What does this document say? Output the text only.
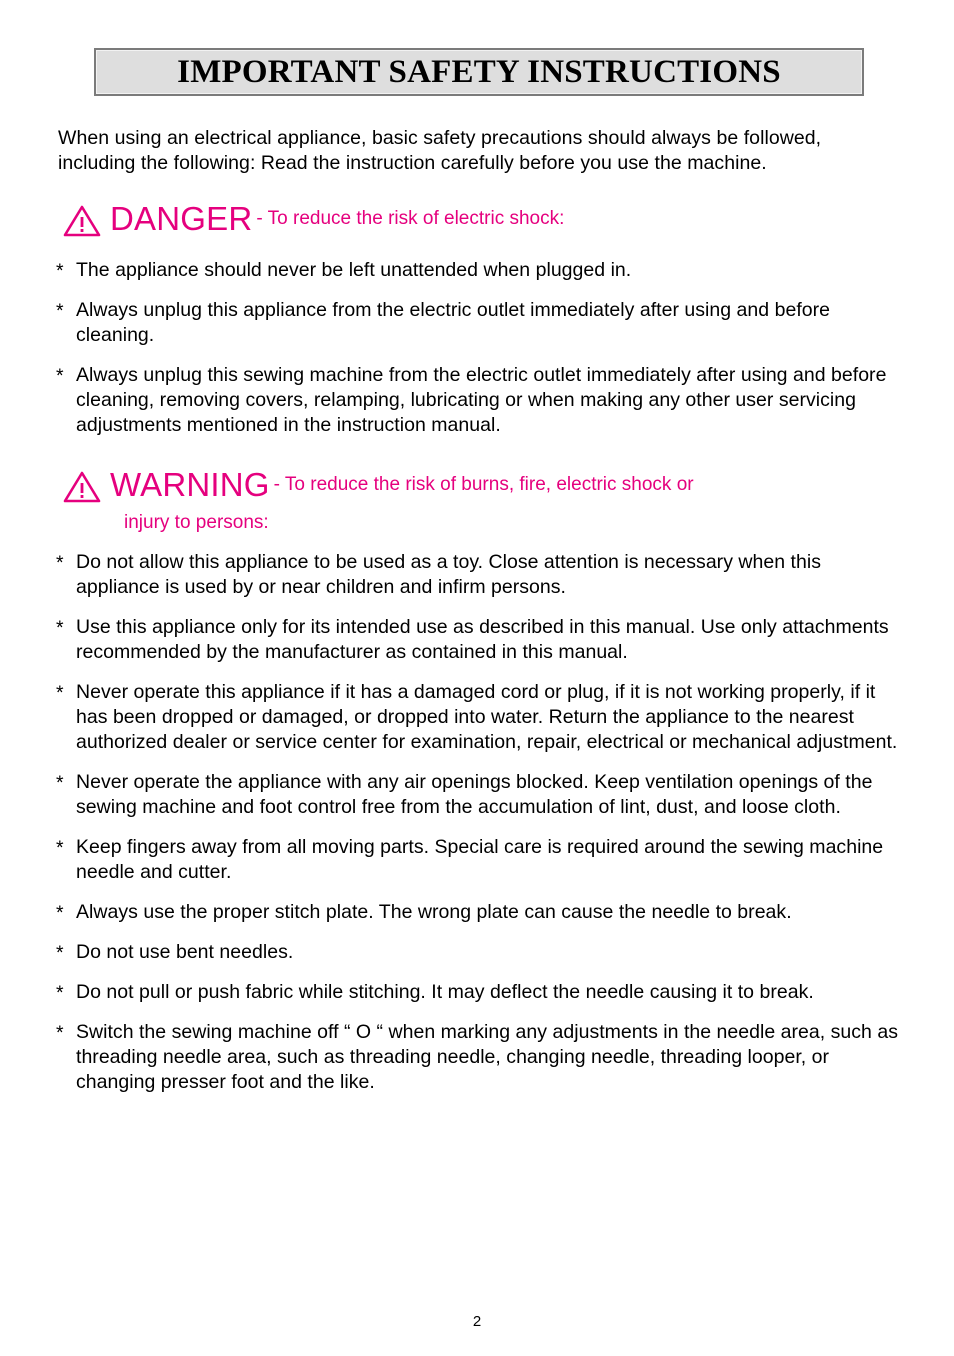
IMPORTANT SAFETY INSTRUCTIONS

When using an electrical appliance, basic safety precautions should always be followed, including the following: Read the instruction carefully before you use the machine.

DANGER - To reduce the risk of electric shock:
* The appliance should never be left unattended when plugged in.
* Always unplug this appliance from the electric outlet immediately after using and before cleaning.
* Always unplug this sewing machine from the electric outlet immediately after using and before cleaning, removing covers, relamping, lubricating or when making any other user servicing adjustments mentioned in the instruction manual.
WARNING - To reduce the risk of burns, fire, electric shock or
injury to persons:
* Do not allow this appliance to be used as a toy. Close attention is necessary when this appliance is used by or near children and infirm persons.
* Use this appliance only for its intended use as described in this manual. Use only attachments recommended by the manufacturer as contained in this manual.
* Never operate this appliance if it has a damaged cord or plug, if it is not working properly, if it has been dropped or damaged, or dropped into water. Return the appliance to the nearest authorized dealer or service center for examination, repair, electrical or mechanical adjustment.
* Never operate the appliance with any air openings blocked. Keep ventilation openings of the sewing machine and foot control free from the accumulation of lint, dust, and loose cloth.
* Keep fingers away from all moving parts. Special care is required around the sewing machine needle and cutter.
* Always use the proper stitch plate. The wrong plate can cause the needle to break.
* Do not use bent needles.
* Do not pull or push fabric while stitching. It may deflect the needle causing it to break.
* Switch the sewing machine off “ O “ when marking any adjustments in the needle area, such as threading needle area, such as threading needle, changing needle, threading looper, or changing presser foot and the like.
2
